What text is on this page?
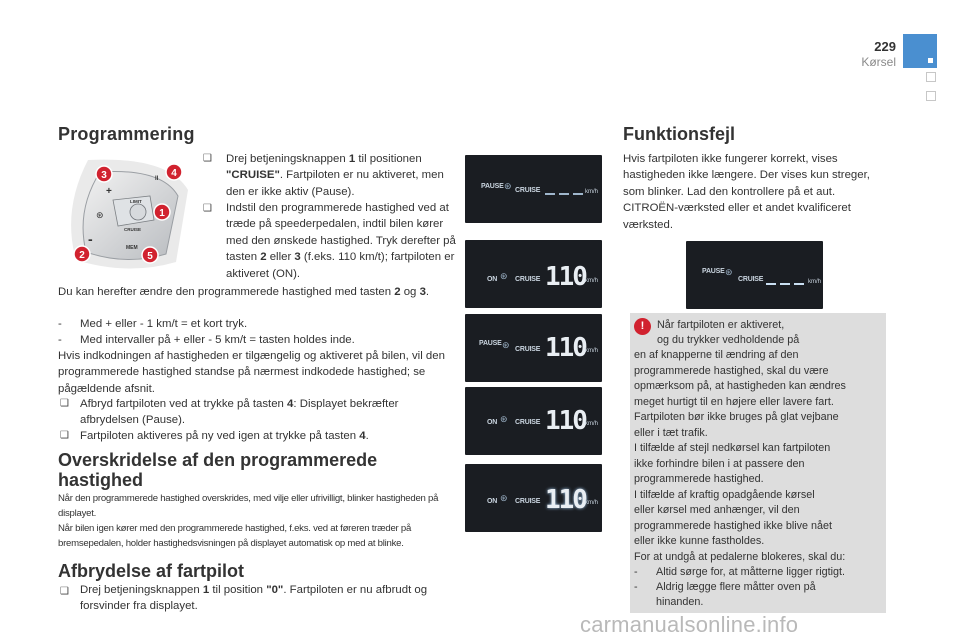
229
Kørsel
Programmering
LIMIT
CRUISE
MEM
+
-
II
⊛	1
2
3	4
5
❑ Drej betjeningsknappen 1 til positionen "CRUISE". Fartpiloten er nu aktiveret, men den er ikke aktiv (Pause).
❑ Indstil den programmerede hastighed ved at træde på speederpedalen, indtil bilen kører med den ønskede hastighed. Tryk derefter på tasten 2 eller 3 (f.eks. 110 km/t); fartpiloten er aktiveret (ON).
Du kan herefter ændre den programmerede hastighed med tasten 2 og 3.
-	Med + eller - 1 km/t = et kort tryk.
-	Med intervaller på + eller - 5 km/t = tasten holdes inde.
Hvis indkodningen af hastigheden er tilgængelig og aktiveret på bilen, vil den programmerede hastighed standse på nærmest indkodede hastighed; se pågældende afsnit.
❑ Afbryd fartpiloten ved at trykke på tasten 4: Displayet bekræfter afbrydelsen (Pause).
❑ Fartpiloten aktiveres på ny ved igen at trykke på tasten 4.
Overskridelse af den programmerede hastighed
Når den programmerede hastighed overskrides, med vilje eller ufrivilligt, blinker hastigheden på displayet.
Når bilen igen kører med den programmerede hastighed, f.eks. ved at føreren træder på bremsepedalen, holder hastighedsvisningen på displayet automatisk op med at blinke.
Afbrydelse af fartpilot
❑ Drej betjeningsknappen 1 til position "0". Fartpiloten er nu afbrudt og forsvinder fra displayet.
PAUSE ⊛ CRUISE	km/h
ON ⊛ CRUISE 110 km/h
PAUSE ⊛ CRUISE 110 km/h
ON ⊛ CRUISE 110 km/h
ON ⊛ CRUISE 110 km/h
Funktionsfejl
Hvis fartpiloten ikke fungerer korrekt, vises hastigheden ikke længere. Der vises kun streger, som blinker. Lad den kontrollere på et aut. CITROËN-værksted eller et andet kvalificeret værksted.
PAUSE ⊛
CRUISE	km/h
!	Når fartpiloten er aktiveret,
og du trykker vedholdende på
en af knapperne til ændring af den
programmerede hastighed, skal du være
opmærksom på, at hastigheden kan ændres
meget hurtigt til en højere eller lavere fart.
Fartpiloten bør ikke bruges på glat vejbane
eller i tæt trafik.
I tilfælde af stejl nedkørsel kan fartpiloten
ikke forhindre bilen i at passere den
programmerede hastighed.
I tilfælde af kraftig opadgående kørsel
eller kørsel med anhænger, vil den
programmerede hastighed ikke blive nået
eller ikke kunne fastholdes.
For at undgå at pedalerne blokeres, skal du:
-	Altid sørge for, at måtterne ligger rigtigt.
-	Aldrig lægge flere måtter oven på
hinanden.
carmanualsonline.info
